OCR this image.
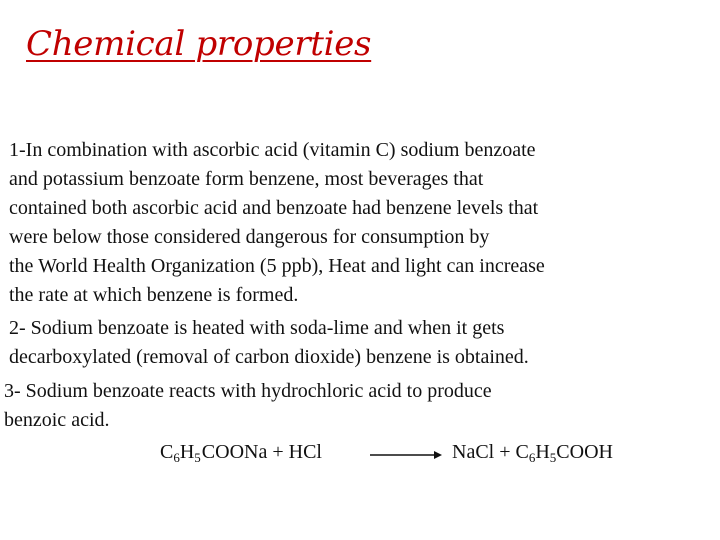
Chemical properties
1-In combination with ascorbic acid (vitamin C) sodium benzoate
and potassium benzoate form benzene, most beverages that
contained both ascorbic acid and benzoate had benzene levels that
were below those considered dangerous for consumption by
the World Health Organization (5 ppb), Heat and light can increase
the rate at which benzene is formed.
2- Sodium benzoate is heated with soda-lime and when it gets
decarboxylated (removal of carbon dioxide) benzene is obtained.
3- Sodium benzoate reacts with hydrochloric acid to produce
benzoic acid.
$C_6H_5COONa$ + HCl	NaCl + $C_6H_5COOH$
